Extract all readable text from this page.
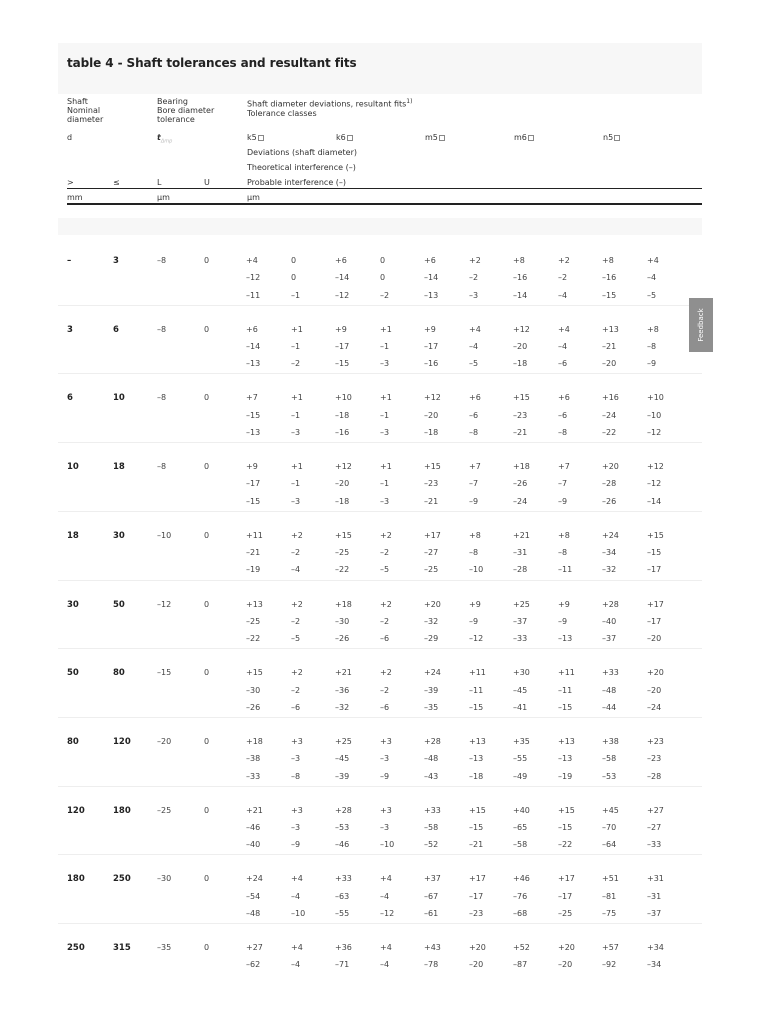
table 4 - Shaft tolerances and resultant fits
Shaft
Nominal
diameter
Bearing
Bore diameter
tolerance
Shaft diameter deviations, resultant fits$^{1)}$
Tolerance classes
d	$t_{\Delta mp}$	k5	k6	m5	m6	n5
Deviations (shaft diameter)
Theoretical interference (–)
Probable interference (–)
>	≤	L	U
mm	µm	µm
–	3	–8	0	+4	0	+6	0	+6	+2	+8	+2	+8	+4
–12	0	–14	0	–14	–2	–16	–2	–16	–4
–11	–1	–12	–2	–13	–3	–14	–4	–15	–5
3	6	–8	0	+6	+1	+9	+1	+9	+4	+12	+4	+13	+8
–14	–1	–17	–1	–17	–4	–20	–4	–21	–8
–13	–2	–15	–3	–16	–5	–18	–6	–20	–9
6	10	–8	0	+7	+1	+10	+1	+12	+6	+15	+6	+16	+10
–15	–1	–18	–1	–20	–6	–23	–6	–24	–10
–13	–3	–16	–3	–18	–8	–21	–8	–22	–12
10	18	–8	0	+9	+1	+12	+1	+15	+7	+18	+7	+20	+12
–17	–1	–20	–1	–23	–7	–26	–7	–28	–12
–15	–3	–18	–3	–21	–9	–24	–9	–26	–14
18	30	–10	0	+11	+2	+15	+2	+17	+8	+21	+8	+24	+15
–21	–2	–25	–2	–27	–8	–31	–8	–34	–15
–19	–4	–22	–5	–25	–10	–28	–11	–32	–17
30	50	–12	0	+13	+2	+18	+2	+20	+9	+25	+9	+28	+17
–25	–2	–30	–2	–32	–9	–37	–9	–40	–17
–22	–5	–26	–6	–29	–12	–33	–13	–37	–20
50	80	–15	0	+15	+2	+21	+2	+24	+11	+30	+11	+33	+20
–30	–2	–36	–2	–39	–11	–45	–11	–48	–20
–26	–6	–32	–6	–35	–15	–41	–15	–44	–24
80	120	–20	0	+18	+3	+25	+3	+28	+13	+35	+13	+38	+23
–38	–3	–45	–3	–48	–13	–55	–13	–58	–23
–33	–8	–39	–9	–43	–18	–49	–19	–53	–28
120	180	–25	0	+21	+3	+28	+3	+33	+15	+40	+15	+45	+27
–46	–3	–53	–3	–58	–15	–65	–15	–70	–27
–40	–9	–46	–10	–52	–21	–58	–22	–64	–33
180	250	–30	0	+24	+4	+33	+4	+37	+17	+46	+17	+51	+31
–54	–4	–63	–4	–67	–17	–76	–17	–81	–31
–48	–10	–55	–12	–61	–23	–68	–25	–75	–37
250	315	–35	0	+27	+4	+36	+4	+43	+20	+52	+20	+57	+34
–62	–4	–71	–4	–78	–20	–87	–20	–92	–34
Feedback
